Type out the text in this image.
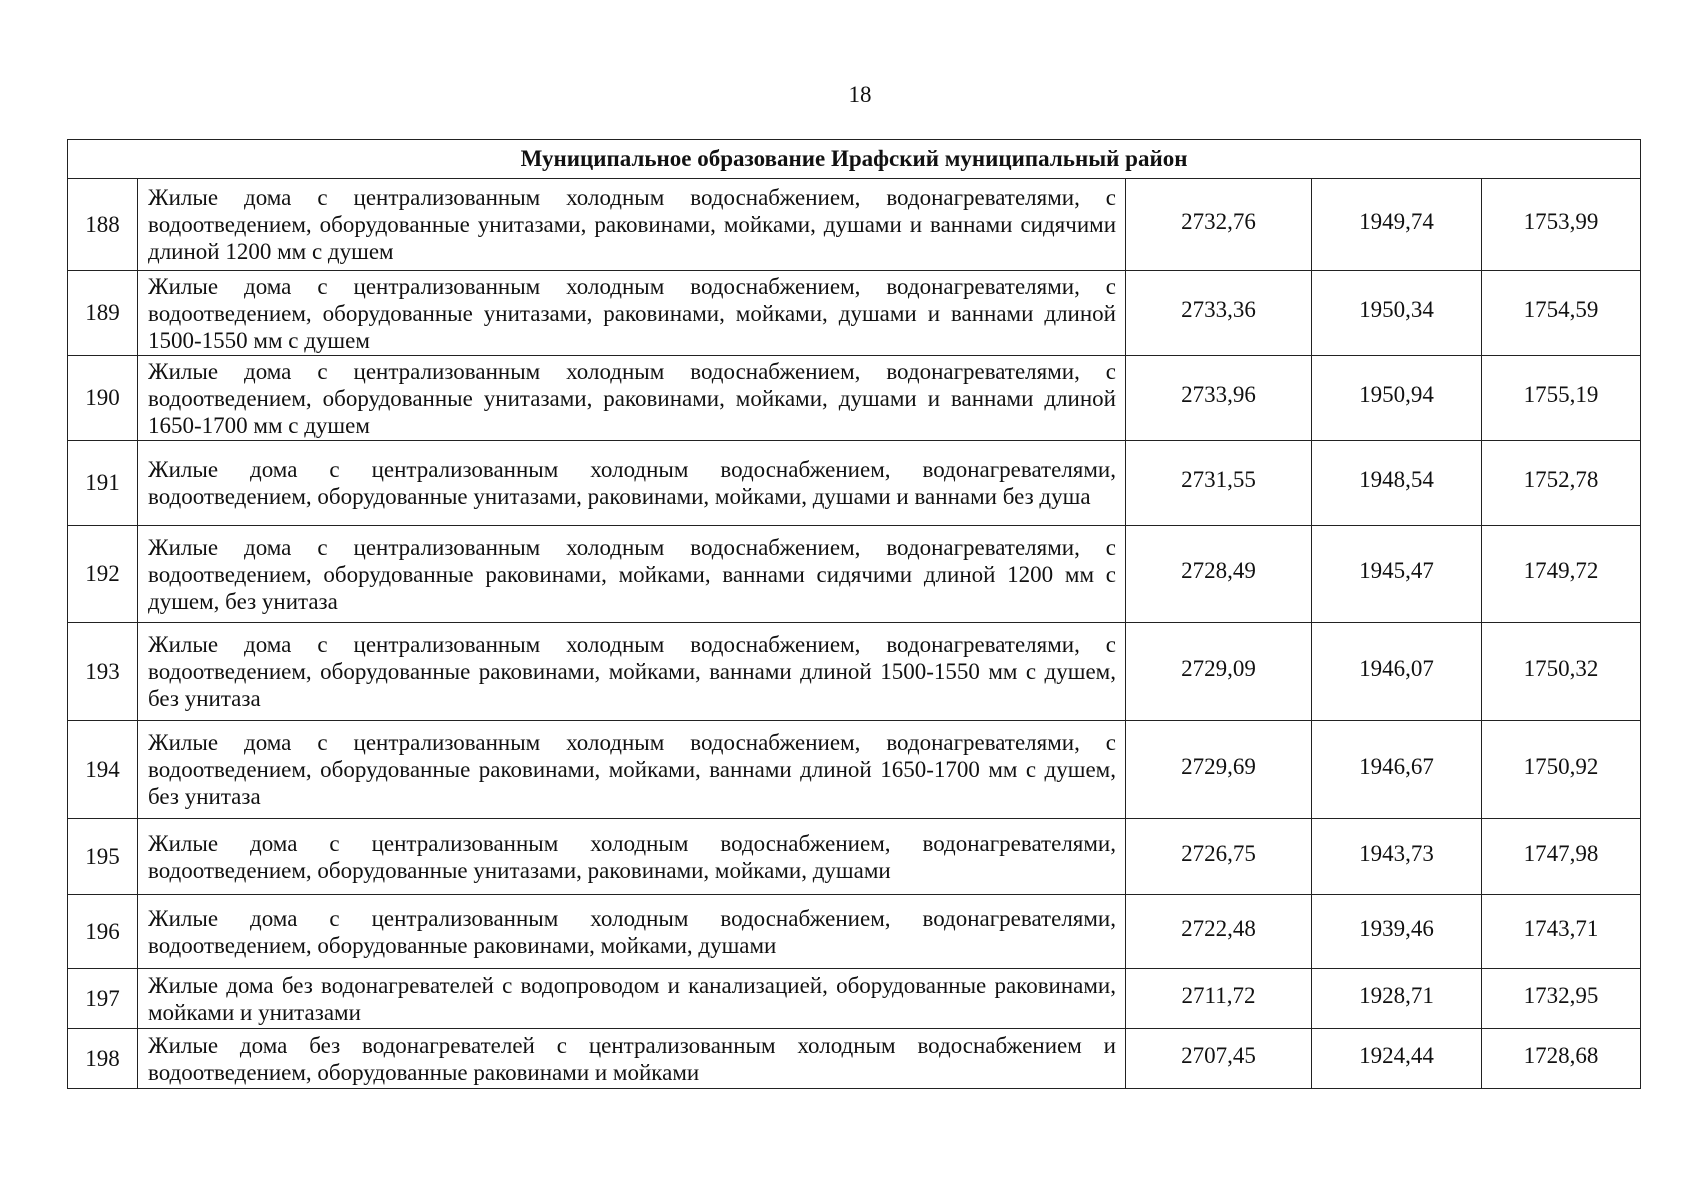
18
Муниципальное образование Ирафский муниципальный район				
188	Жилые дома с централизованным холодным водоснабжением, водонагревателями, с водоотведением, оборудованные унитазами, раковинами, мойками, душами и ваннами сидячими длиной 1200 мм с душем	2732,76	1949,74	1753,99
189	Жилые дома с централизованным холодным водоснабжением, водонагревателями, с водоотведением, оборудованные унитазами, раковинами, мойками, душами и ваннами длиной 1500-1550 мм с душем	2733,36	1950,34	1754,59
190	Жилые дома с централизованным холодным водоснабжением, водонагревателями, с водоотведением, оборудованные унитазами, раковинами, мойками, душами и ваннами длиной 1650-1700 мм с душем	2733,96	1950,94	1755,19
191	Жилые дома с централизованным холодным водоснабжением, водонагревателями, водоотведением, оборудованные унитазами, раковинами, мойками, душами и ваннами без душа	2731,55	1948,54	1752,78
192	Жилые дома с централизованным холодным водоснабжением, водонагревателями, с водоотведением, оборудованные раковинами, мойками, ваннами сидячими длиной 1200 мм с душем, без унитаза	2728,49	1945,47	1749,72
193	Жилые дома с централизованным холодным водоснабжением, водонагревателями, с водоотведением, оборудованные раковинами, мойками, ваннами длиной 1500-1550 мм с душем, без унитаза	2729,09	1946,07	1750,32
194	Жилые дома с централизованным холодным водоснабжением, водонагревателями, с водоотведением, оборудованные раковинами, мойками, ваннами длиной 1650-1700 мм с душем, без унитаза	2729,69	1946,67	1750,92
195	Жилые дома с централизованным холодным водоснабжением, водонагревателями, водоотведением, оборудованные унитазами, раковинами, мойками, душами	2726,75	1943,73	1747,98
196	Жилые дома с централизованным холодным водоснабжением, водонагревателями, водоотведением, оборудованные раковинами, мойками, душами	2722,48	1939,46	1743,71
197	Жилые дома без водонагревателей с водопроводом и канализацией, оборудованные раковинами, мойками и унитазами	2711,72	1928,71	1732,95
198	Жилые дома без водонагревателей с централизованным холодным водоснабжением и водоотведением, оборудованные раковинами и мойками	2707,45	1924,44	1728,68
